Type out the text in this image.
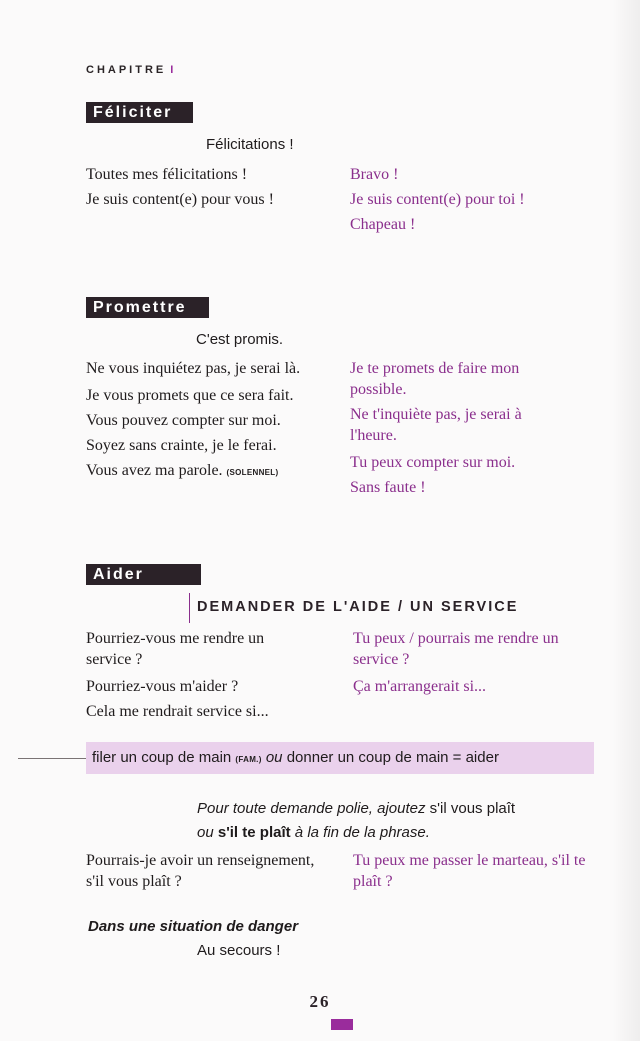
CHAPITRE I
Féliciter
Félicitations !
Toutes mes félicitations !
Je suis content(e) pour vous !
Bravo !
Je suis content(e) pour toi !
Chapeau !
Promettre
C'est promis.
Ne vous inquiétez pas, je serai là.
Je vous promets que ce sera fait.
Vous pouvez compter sur moi.
Soyez sans crainte, je le ferai.
Vous avez ma parole. (SOLENNEL)
Je te promets de faire mon possible.
Ne t'inquiète pas, je serai à l'heure.
Tu peux compter sur moi.
Sans faute !
Aider
DEMANDER DE L'AIDE / UN SERVICE
Pourriez-vous me rendre un service ?
Pourriez-vous m'aider ?
Cela me rendrait service si...
Tu peux / pourrais me rendre un service ?
Ça m'arrangerait si...
filer un coup de main (FAM.) ou donner un coup de main = aider
Pour toute demande polie, ajoutez s'il vous plaît
ou s'il te plaît à la fin de la phrase.
Pourrais-je avoir un renseignement, s'il vous plaît ?
Tu peux me passer le marteau, s'il te plaît ?
Dans une situation de danger
Au secours !
26
